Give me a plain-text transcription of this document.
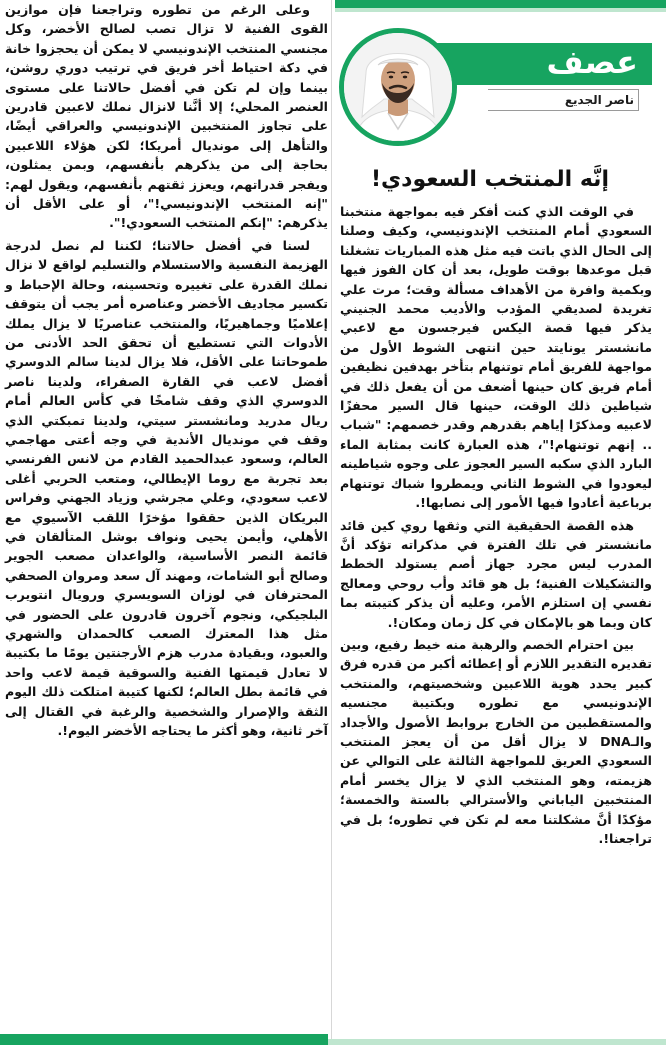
عصف
ناصر الجديع
إنَّه المنتخب السعودي!

في الوقت الذي كنت أفكر فيه بمواجهة منتخبنا السعودي أمام المنتخب الإندونيسي، وكيف وصلنا إلى الحال الذي باتت فيه مثل هذه المباريات تشغلنا قبل موعدها بوقت طويل، بعد أن كان الفوز فيها وبكمية وافرة من الأهداف مسألة وقت؛ مرت علي تغريدة لصديقي المؤدب والأديب محمد الجنيني يذكر فيها قصة اليكس فيرجسون مع لاعبي مانشستر يونايتد حين انتهى الشوط الأول من مواجهة للفريق أمام توتنهام بتأخر بهدفين نظيفين أمام فريق كان حينها أضعف من أن يفعل ذلك في شياطين ذلك الوقت، حينها قال السير محفزًا لاعبيه ومذكرًا إياهم بقدرهم وقدر خصمهم: "شباب .. إنهم توتنهام!"، هذه العبارة كانت بمثابة الماء البارد الذي سكبه السير العجوز على وجوه شياطينه ليعودوا في الشوط الثاني ويمطروا شباك توتنهام برباعية أعادوا فيها الأمور إلى نصابها!.

هذه القصة الحقيقية التي وثقها روي كين قائد مانشستر في تلك الفترة في مذكراته تؤكد أنَّ المدرب ليس مجرد جهاز أصم يستولد الخطط والتشكيلات الفنية؛ بل هو قائد وأب روحي ومعالج نفسي إن استلزم الأمر، وعليه أن يذكر كتيبته بما كان وبما هو بالإمكان في كل زمان ومكان!.

بين احترام الخصم والرهبة منه خيط رفيع، وبين تقديره التقدير اللازم أو إعطائه أكبر من قدره فرق كبير يحدد هوية اللاعبين وشخصيتهم، والمنتخب الإندونيسي مع تطوره وبكتيبة مجنسيه والمستقطبين من الخارج بروابط الأصول والأجداد والـDNA لا يزال أقل من أن يعجز المنتخب السعودي العريق للمواجهة الثالثة على التوالي عن هزيمته، وهو المنتخب الذي لا يزال يخسر أمام المنتخبين الياباني والأسترالي بالستة والخمسة؛ مؤكدًا أنَّ مشكلتنا معه لم تكن في تطوره؛ بل في تراجعنا!.

وعلى الرغم من تطوره وتراجعنا فإن موازين القوى الفنية لا تزال تصب لصالح الأخضر، وكل مجنسي المنتخب الإندونيسي لا يمكن أن يحجزوا خانة في دكة احتياط أخر فريق في ترتيب دوري روشن، بينما وإن لم تكن في أفضل حالاتنا على مستوى العنصر المحلي؛ إلا أنَّنا لانزال نملك لاعبين قادرين على تجاوز المنتخبين الإندونيسي والعراقي أيضًا، والتأهل إلى مونديال أمريكا؛ لكن هؤلاء اللاعبين بحاجة إلى من يذكرهم بأنفسهم، وبمن يمثلون، ويفجر قدراتهم، ويعزز ثقتهم بأنفسهم، ويقول لهم: "إنه المنتخب الإندونيسي!"، أو على الأقل أن يذكرهم: "إنكم المنتخب السعودي!".

لسنا في أفضل حالاتنا؛ لكننا لم نصل لدرجة الهزيمة النفسية والاستسلام والتسليم لواقع لا نزال نملك القدرة على تغييره وتحسينه، وحالة الإحباط و تكسير مجاديف الأخضر وعناصره أمر يجب أن يتوقف إعلاميًا وجماهيريًا، والمنتخب عناصريًا لا يزال يملك الأدوات التي تستطيع أن تحقق الحد الأدنى من طموحاتنا على الأقل، فلا يزال لدينا سالم الدوسري أفضل لاعب في القارة الصفراء، ولدينا ناصر الدوسري الذي وقف شامخًا في كأس العالم أمام ريال مدريد ومانشستر سيتي، ولدينا تمبكتي الذي وقف في مونديال الأندية في وجه أعتى مهاجمي العالم، وسعود عبدالحميد القادم من لانس الفرنسي بعد تجربة مع روما الإيطالي، ومتعب الحربي أغلى لاعب سعودي، وعلي مجرشي وزياد الجهني وفراس البريكان الذين حققوا مؤخرًا اللقب الآسيوي مع الأهلي، وأيمن يحيى ونواف بوشل المتألقان في قائمة النصر الأساسية، والواعدان مصعب الجوير وصالح أبو الشامات، ومهند آل سعد ومروان الصحفي المحترفان في لوزان السويسري ورويال انتويرب البلجيكي، ونجوم آخرون قادرون على الحضور في مثل هذا المعترك الصعب كالحمدان والشهري والعبود، وبقيادة مدرب هزم الأرجنتين يومًا ما بكتيبة لا تعادل قيمتها الفنية والسوقية قيمة لاعب واحد في قائمة بطل العالم؛ لكنها كتيبة امتلكت ذلك اليوم الثقة والإصرار والشخصية والرغبة في القتال إلى آخر ثانية، وهو أكثر ما يحتاجه الأخضر اليوم!.
